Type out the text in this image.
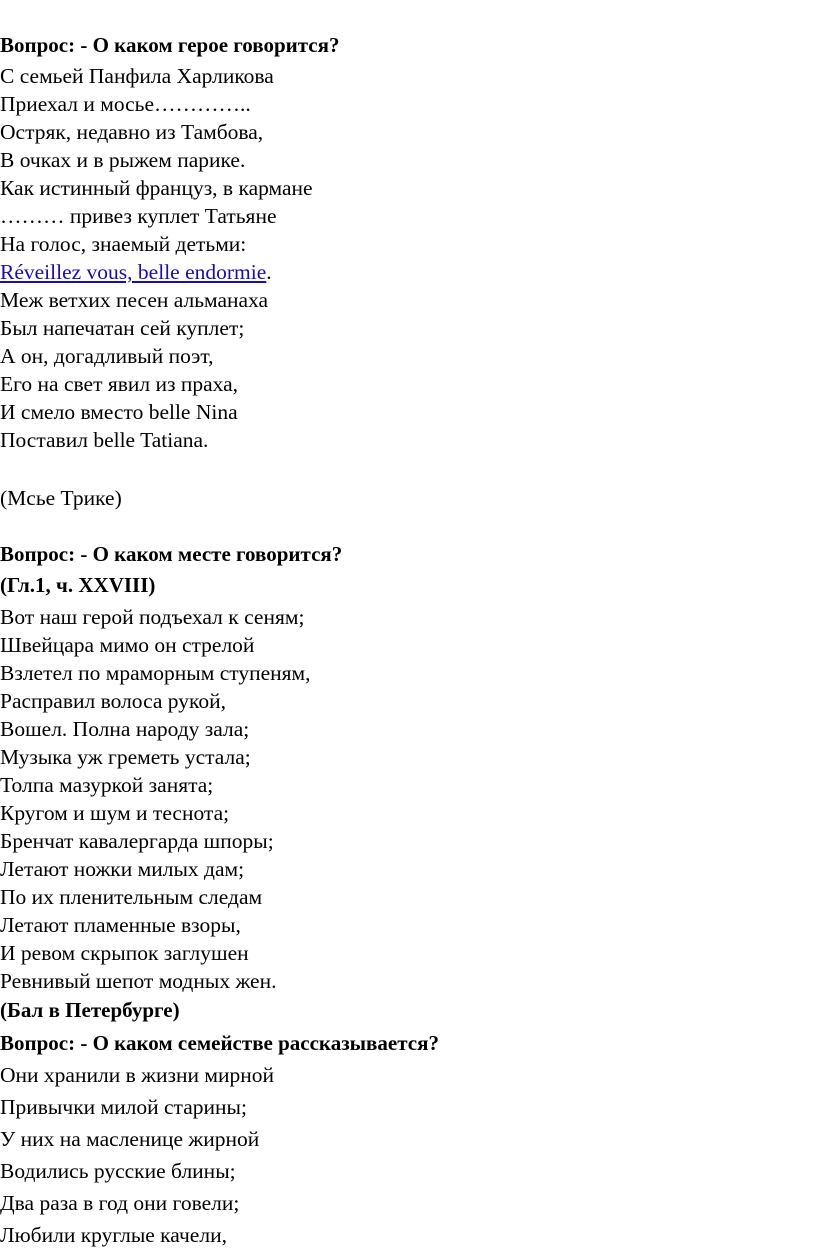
Вопрос: - О каком герое говорится?
С семьей Панфила Харликова
Приехал и мосье…………..
Остряк, недавно из Тамбова,
В очках и в рыжем парике.
Как истинный француз, в кармане
……… привез куплет Татьяне
На голос, знаемый детьми:
Réveillez vous, belle endormie.
Меж ветхих песен альманаха
Был напечатан сей куплет;
А он, догадливый поэт,
Его на свет явил из праха,
И смело вместо belle Nina
Поставил belle Tatiana.
(Мсье Трике)
Вопрос: - О каком месте говорится?
(Гл.1, ч. XXVIII)
Вот наш герой подъехал к сеням;
Швейцара мимо он стрелой
Взлетел по мраморным ступеням,
Расправил волоса рукой,
Вошел. Полна народу зала;
Музыка уж греметь устала;
Толпа мазуркой занята;
Кругом и шум и теснота;
Бренчат кавалергарда шпоры;
Летают ножки милых дам;
По их пленительным следам
Летают пламенные взоры,
И ревом скрыпок заглушен
Ревнивый шепот модных жен.
(Бал в Петербурге)
Вопрос: - О каком семействе рассказывается?
Они хранили в жизни мирной
Привычки милой старины;
У них на масленице жирной
Водились русские блины;
Два раза в год они говели;
Любили круглые качели,
